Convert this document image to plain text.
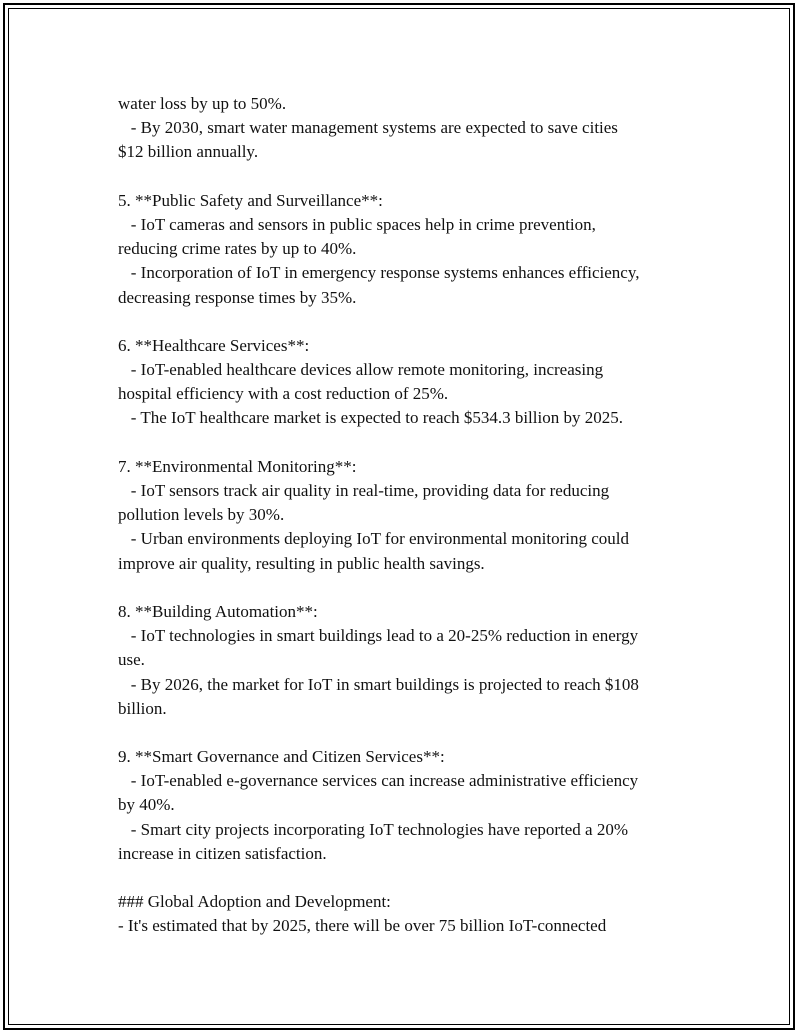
water loss by up to 50%.
- By 2030, smart water management systems are expected to save cities
$12 billion annually.
5. **Public Safety and Surveillance**:
- IoT cameras and sensors in public spaces help in crime prevention,
reducing crime rates by up to 40%.
- Incorporation of IoT in emergency response systems enhances efficiency,
decreasing response times by 35%.
6. **Healthcare Services**:
- IoT-enabled healthcare devices allow remote monitoring, increasing
hospital efficiency with a cost reduction of 25%.
- The IoT healthcare market is expected to reach $534.3 billion by 2025.
7. **Environmental Monitoring**:
- IoT sensors track air quality in real-time, providing data for reducing
pollution levels by 30%.
- Urban environments deploying IoT for environmental monitoring could
improve air quality, resulting in public health savings.
8. **Building Automation**:
- IoT technologies in smart buildings lead to a 20-25% reduction in energy
use.
- By 2026, the market for IoT in smart buildings is projected to reach $108
billion.
9. **Smart Governance and Citizen Services**:
- IoT-enabled e-governance services can increase administrative efficiency
by 40%.
- Smart city projects incorporating IoT technologies have reported a 20%
increase in citizen satisfaction.
### Global Adoption and Development:
- It's estimated that by 2025, there will be over 75 billion IoT-connected
